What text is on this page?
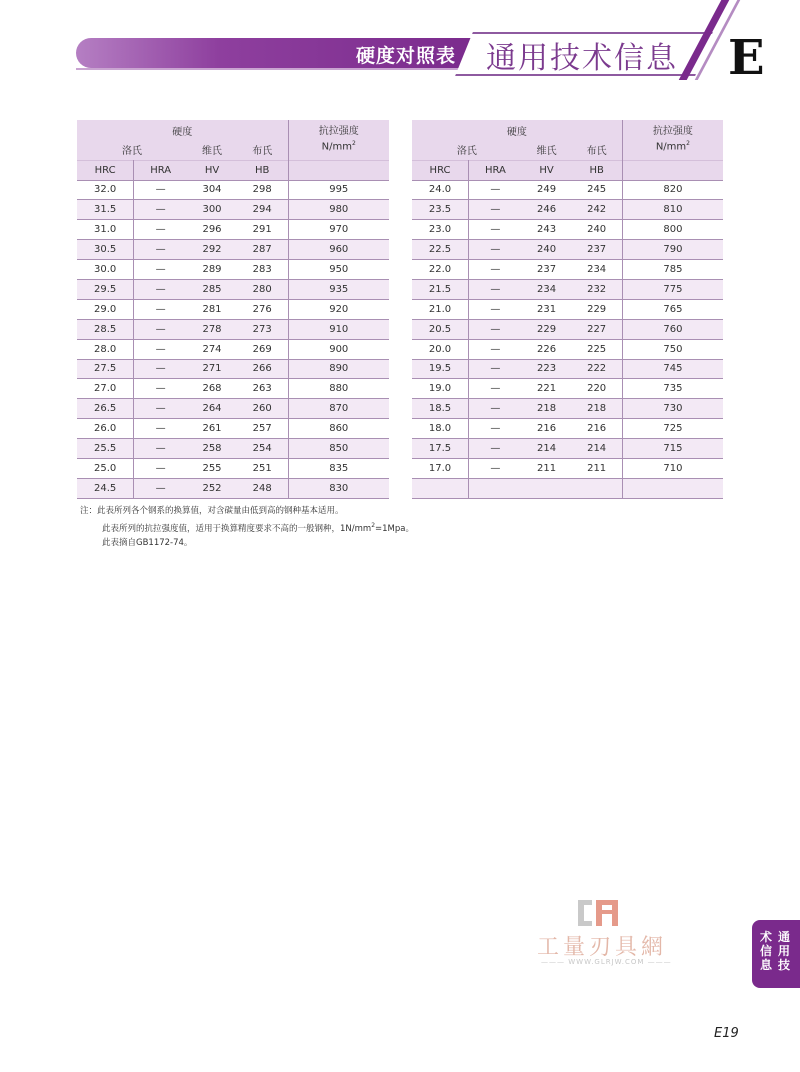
硬度对照表 通用技术信息 E
硬度				抗拉强度
$N/mm^2$
洛氏		维氏	布氏	
HRC	HRA	HV	HB	
32.0	—	304	298	995
31.5	—	300	294	980
31.0	—	296	291	970
30.5	—	292	287	960
30.0	—	289	283	950
29.5	—	285	280	935
29.0	—	281	276	920
28.5	—	278	273	910
28.0	—	274	269	900
27.5	—	271	266	890
27.0	—	268	263	880
26.5	—	264	260	870
26.0	—	261	257	860
25.5	—	258	254	850
25.0	—	255	251	835
24.5	—	252	248	830
硬度				抗拉强度
$N/mm^2$
洛氏		维氏	布氏	
HRC	HRA	HV	HB	
24.0	—	249	245	820
23.5	—	246	242	810
23.0	—	243	240	800
22.5	—	240	237	790
22.0	—	237	234	785
21.5	—	234	232	775
21.0	—	231	229	765
20.5	—	229	227	760
20.0	—	226	225	750
19.5	—	223	222	745
19.0	—	221	220	735
18.5	—	218	218	730
18.0	—	216	216	725
17.5	—	214	214	715
17.0	—	211	211	710

注：此表所列各个钢系的换算值，对含碳量由低到高的钢种基本适用。
此表所列的抗拉强度值，适用于换算精度要求不高的一般钢种，$1N/mm^2=1Mpa$。
此表摘自GB1172-74。
工量刃具網
——— WWW.GLRJW.COM ———
术
信
息
通
用
技
E19
